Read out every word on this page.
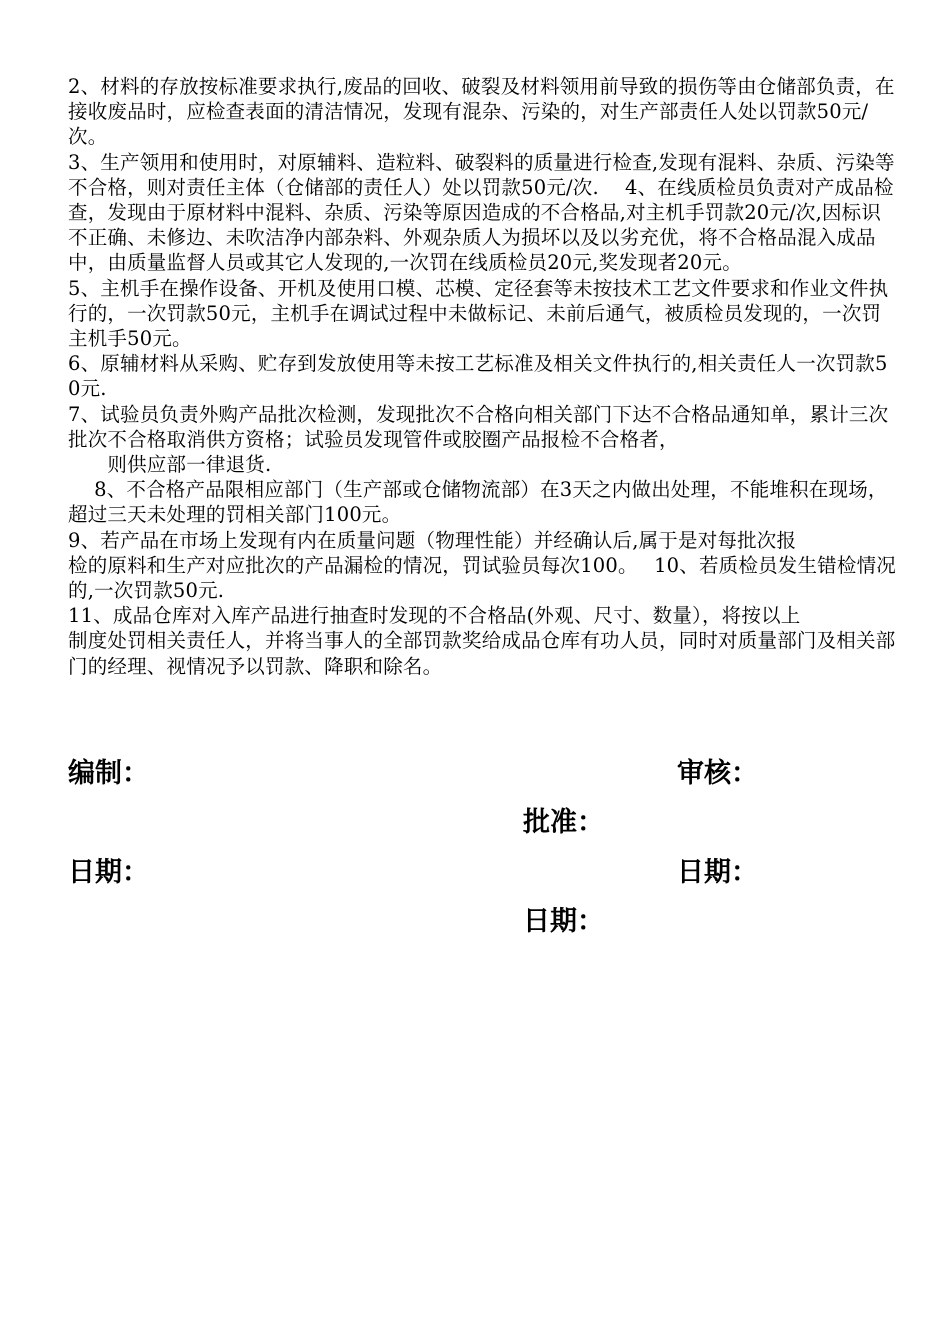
2、材料的存放按标准要求执行,废品的回收、破裂及材料领用前导致的损伤等由仓储部负责，在接收废品时，应检查表面的清洁情况，发现有混杂、污染的，对生产部责任人处以罚款50元/次。

3、生产领用和使用时，对原辅料、造粒料、破裂料的质量进行检查,发现有混料、杂质、污染等不合格，则对责任主体（仓储部的责任人）处以罚款50元/次.　 4、在线质检员负责对产成品检查，发现由于原材料中混料、杂质、污染等原因造成的不合格品,对主机手罚款20元/次,因标识不正确、未修边、未吹洁净内部杂料、外观杂质人为损坏以及以劣充优，将不合格品混入成品中，由质量监督人员或其它人发现的,一次罚在线质检员20元,奖发现者20元。

5、主机手在操作设备、开机及使用口模、芯模、定径套等未按技术工艺文件要求和作业文件执行的，一次罚款50元，主机手在调试过程中未做标记、未前后通气，被质检员发现的，一次罚主机手50元。

6、原辅材料从采购、贮存到发放使用等未按工艺标准及相关文件执行的,相关责任人一次罚款50元.

7、试验员负责外购产品批次检测，发现批次不合格向相关部门下达不合格品通知单，累计三次批次不合格取消供方资格；试验员发现管件或胶圈产品报检不合格者，
　　则供应部一律退货.

　 8、不合格产品限相应部门（生产部或仓储物流部）在3天之内做出处理，不能堆积在现场，超过三天未处理的罚相关部门100元。

9、若产品在市场上发现有内在质量问题（物理性能）并经确认后,属于是对每批次报
检的原料和生产对应批次的产品漏检的情况，罚试验员每次100。　 10、若质检员发生错检情况的,一次罚款50元.

11、成品仓库对入库产品进行抽查时发现的不合格品(外观、尺寸、数量），将按以上
制度处罚相关责任人，并将当事人的全部罚款奖给成品仓库有功人员，同时对质量部门及相关部门的经理、视情况予以罚款、降职和除名。

编制：	审核：
批准：
日期：	日期：
日期：
